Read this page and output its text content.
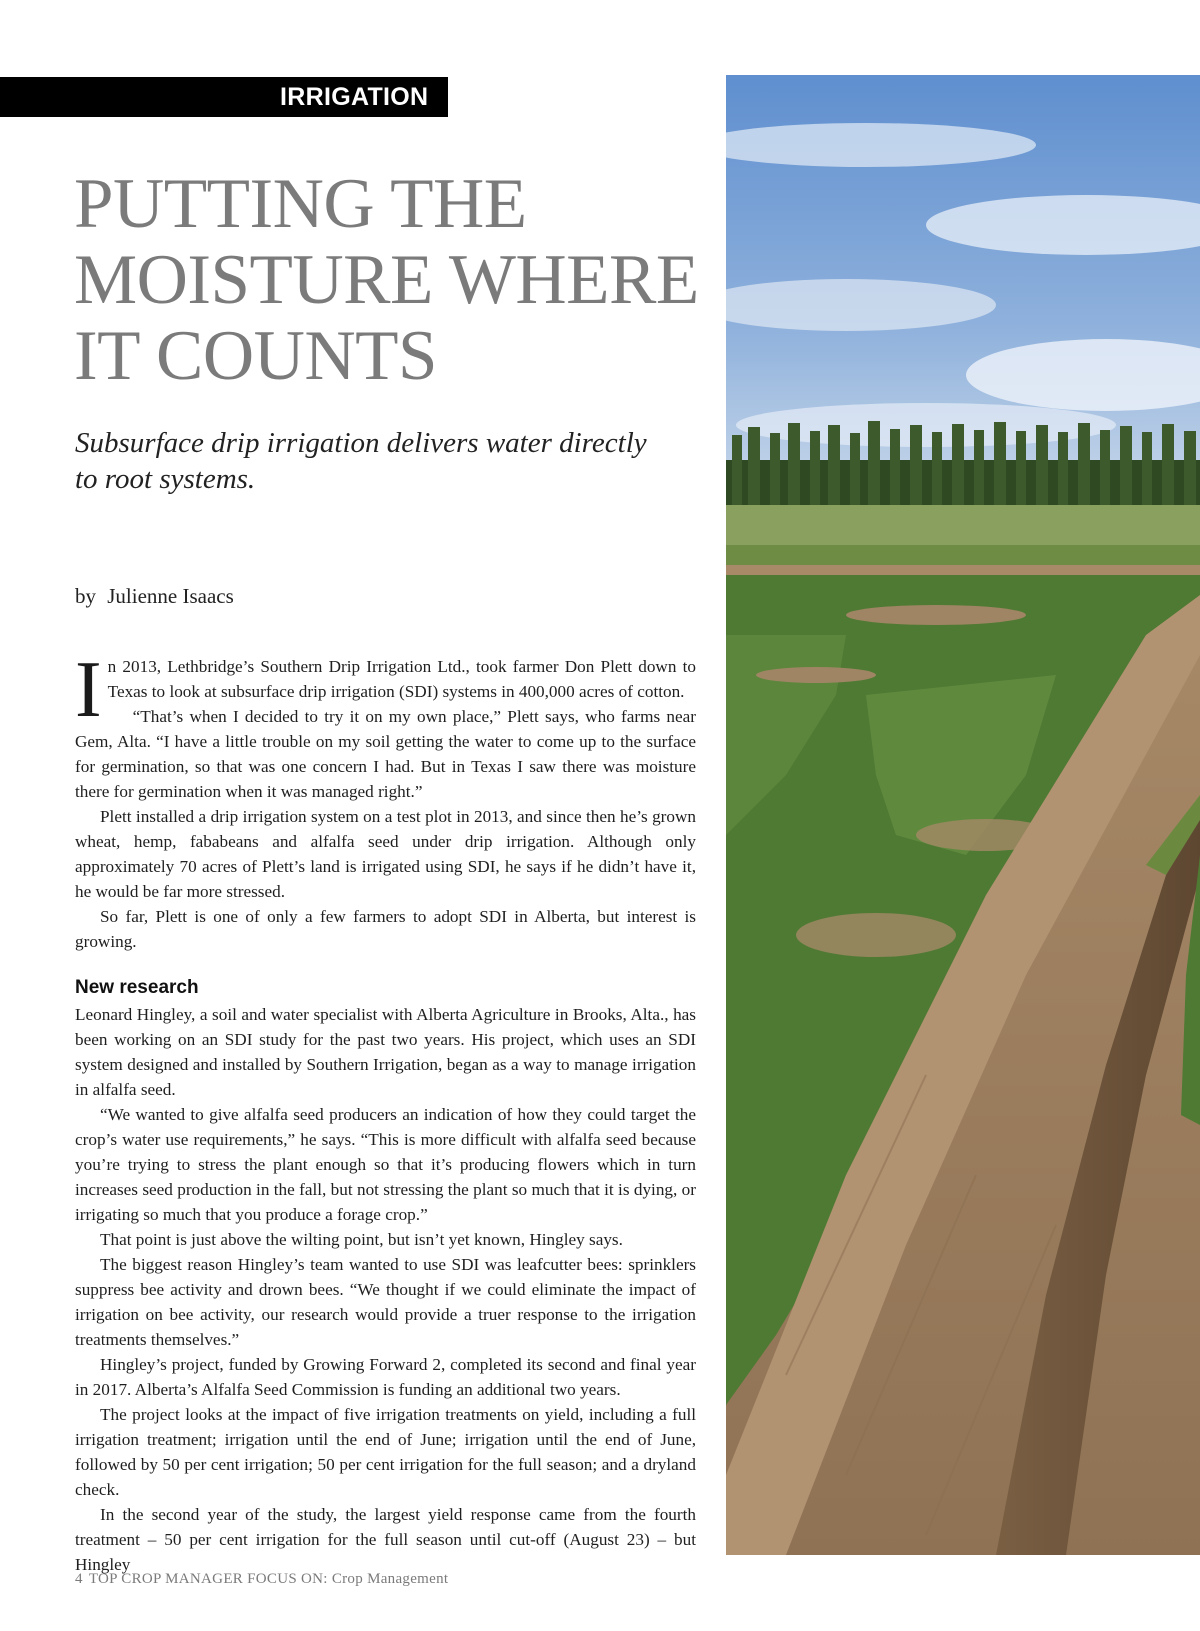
IRRIGATION
PUTTING THE MOISTURE WHERE IT COUNTS

Subsurface drip irrigation delivers water directly to root systems.

by Julienne Isaacs

In 2013, Lethbridge’s Southern Drip Irrigation Ltd., took farmer Don Plett down to Texas to look at subsurface drip irrigation (SDI) systems in 400,000 acres of cotton.

“That’s when I decided to try it on my own place,” Plett says, who farms near Gem, Alta. “I have a little trouble on my soil getting the water to come up to the surface for germination, so that was one concern I had. But in Texas I saw there was moisture there for germination when it was managed right.”

Plett installed a drip irrigation system on a test plot in 2013, and since then he’s grown wheat, hemp, fababeans and alfalfa seed under drip irrigation. Although only approximately 70 acres of Plett’s land is irrigated using SDI, he says if he didn’t have it, he would be far more stressed.

So far, Plett is one of only a few farmers to adopt SDI in Alberta, but interest is growing.

New research

Leonard Hingley, a soil and water specialist with Alberta Agriculture in Brooks, Alta., has been working on an SDI study for the past two years. His project, which uses an SDI system designed and installed by Southern Irrigation, began as a way to manage irrigation in alfalfa seed.

“We wanted to give alfalfa seed producers an indication of how they could target the crop’s water use requirements,” he says. “This is more difficult with alfalfa seed because you’re trying to stress the plant enough so that it’s producing flowers which in turn increases seed production in the fall, but not stressing the plant so much that it is dying, or irrigating so much that you produce a forage crop.”

That point is just above the wilting point, but isn’t yet known, Hingley says.

The biggest reason Hingley’s team wanted to use SDI was leafcutter bees: sprinklers suppress bee activity and drown bees. “We thought if we could eliminate the impact of irrigation on bee activity, our research would provide a truer response to the irrigation treatments themselves.”

Hingley’s project, funded by Growing Forward 2, completed its second and final year in 2017. Alberta’s Alfalfa Seed Commission is funding an additional two years.

The project looks at the impact of five irrigation treatments on yield, including a full irrigation treatment; irrigation until the end of June; irrigation until the end of June, followed by 50 per cent irrigation; 50 per cent irrigation for the full season; and a dryland check.

In the second year of the study, the largest yield response came from the fourth treatment – 50 per cent irrigation for the full season until cut-off (August 23) – but Hingley

4 TOP CROP MANAGER FOCUS ON: Crop Management
